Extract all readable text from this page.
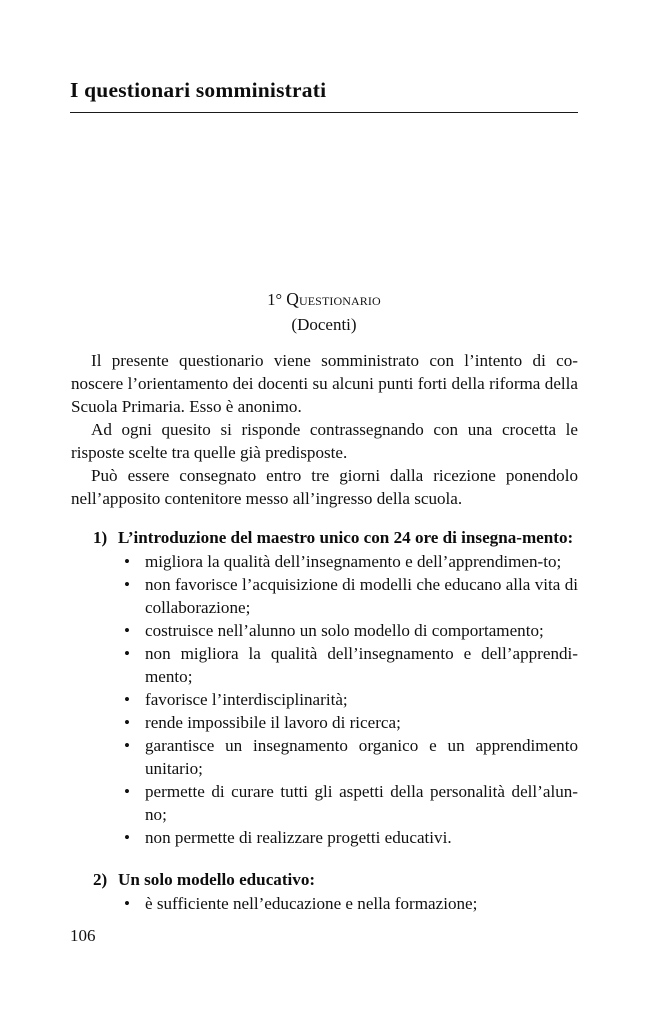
I questionari somministrati
1° Questionario
(Docenti)

Il presente questionario viene somministrato con l’intento di co-​noscere l’orientamento dei docenti su alcuni punti forti della riforma della Scuola Primaria. Esso è anonimo.

Ad ogni quesito si risponde contrassegnando con una crocetta le risposte scelte tra quelle già predisposte.

Può essere consegnato entro tre giorni dalla ricezione ponendolo nell’apposito contenitore messo all’ingresso della scuola.

1) L’introduzione del maestro unico con 24 ore di insegna-​mento:

• migliora la qualità dell’insegnamento e dell’apprendimen-​to;
• non favorisce l’acquisizione di modelli che educano alla vita di collaborazione;
• costruisce nell’alunno un solo modello di comportamento;
• non migliora la qualità dell’insegnamento e dell’apprendi-​mento;
• favorisce l’interdisciplinarità;
• rende impossibile il lavoro di ricerca;
• garantisce un insegnamento organico e un apprendimento unitario;
• permette di curare tutti gli aspetti della personalità dell’alun-​no;
• non permette di realizzare progetti educativi.

2) Un solo modello educativo:

• è sufficiente nell’educazione e nella formazione;
106
